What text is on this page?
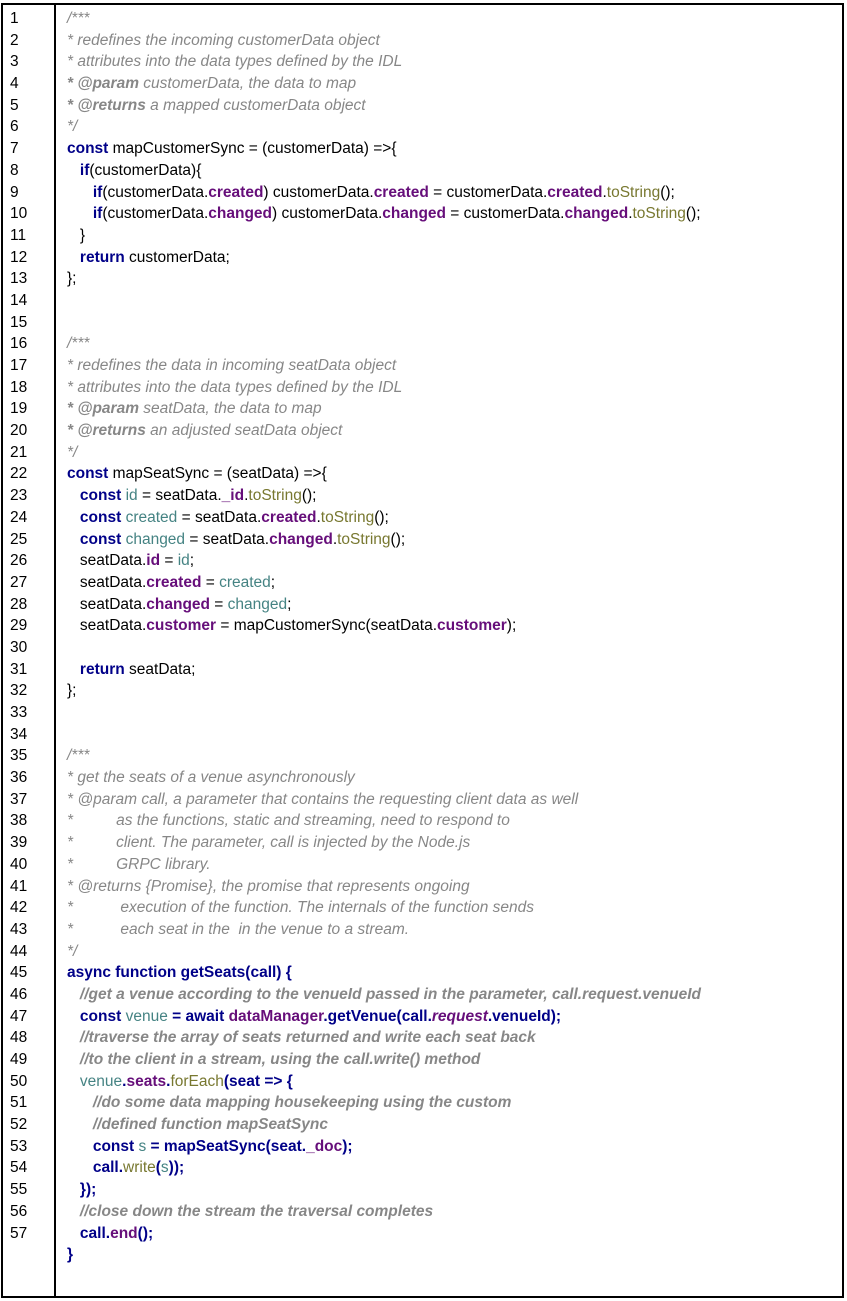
1
2
3
4
5
6
7
8
9
10
11
12
13
14
15
16
17
18
19
20
21
22
23
24
25
26
27
28
29
30
31
32
33
34
35
36
37
38
39
40
41
42
43
44
45
46
47
48
49
50
51
52
53
54
55
56
57
/***
* redefines the incoming customerData object
* attributes into the data types defined by the IDL
* @param customerData, the data to map
* @returns a mapped customerData object
*/
const mapCustomerSync = (customerData) =>{
if(customerData){
if(customerData.created) customerData.created = customerData.created.toString();
if(customerData.changed) customerData.changed = customerData.changed.toString();
}
return customerData;
};

/***
* redefines the data in incoming seatData object
* attributes into the data types defined by the IDL
* @param seatData, the data to map
* @returns an adjusted seatData object
*/
const mapSeatSync = (seatData) =>{
const id = seatData._id.toString();
const created = seatData.created.toString();
const changed = seatData.changed.toString();
seatData.id = id;
seatData.created = created;
seatData.changed = changed;
seatData.customer = mapCustomerSync(seatData.customer);

return seatData;
};

/***
* get the seats of a venue asynchronously
* @param call, a parameter that contains the requesting client data as well
*          as the functions, static and streaming, need to respond to
*          client. The parameter, call is injected by the Node.js
*          GRPC library.
* @returns {Promise}, the promise that represents ongoing
*           execution of the function. The internals of the function sends
*           each seat in the  in the venue to a stream.
*/
async function getSeats(call) {
//get a venue according to the venueId passed in the parameter, call.request.venueId
const venue = await dataManager.getVenue(call.request.venueId);
//traverse the array of seats returned and write each seat back
//to the client in a stream, using the call.write() method
venue.seats.forEach(seat => {
//do some data mapping housekeeping using the custom
//defined function mapSeatSync
const s = mapSeatSync(seat._doc);
call.write(s));
});
//close down the stream the traversal completes
call.end();
}
